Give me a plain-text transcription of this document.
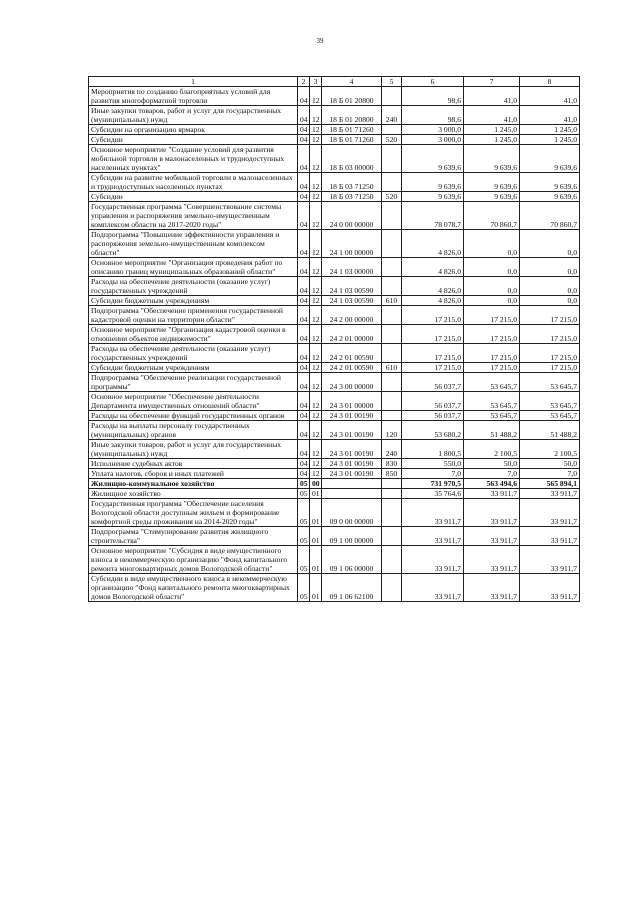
39
1	2	3	4	5	6	7	8
Мероприятия по созданию благоприятных условий для развития многоформатной торговли	04	12	18 Б 01 20800		98,6	41,0	41,0
Иные закупки товаров, работ и услуг для государственных (муниципальных) нужд	04	12	18 Б 01 20800	240	98,6	41,0	41,0
Субсидии на организацию ярмарок	04	12	18 Б 01 71260		3 000,0	1 245,0	1 245,0
Субсидии	04	12	18 Б 01 71260	520	3 000,0	1 245,0	1 245,0
Основное мероприятие "Создание условий для развития мобильной торговли в малонаселенных и труднодоступных населенных пунктах"	04	12	18 Б 03 00000		9 639,6	9 639,6	9 639,6
Субсидии на развитие мобильной торговли в малонаселенных и труднодоступных населенных пунктах	04	12	18 Б 03 71250		9 639,6	9 639,6	9 639,6
Субсидии	04	12	18 Б 03 71250	520	9 639,6	9 639,6	9 639,6
Государственная программа "Совершенствование системы управления и распоряжения земельно-имущественным комплексом области на 2017-2020 годы"	04	12	24 0 00 00000		78 078,7	70 860,7	70 860,7
Подпрограмма "Повышение эффективности управления и распоряжения земельно-имущественным комплексом области"	04	12	24 1 00 00000		4 826,0	0,0	0,0
Основное мероприятие "Организация проведения работ по описанию границ муниципальных образований области"	04	12	24 1 03 00000		4 826,0	0,0	0,0
Расходы на обеспечение деятельности (оказание услуг) государственных учреждений	04	12	24 1 03 00590		4 826,0	0,0	0,0
Субсидии бюджетным учреждениям	04	12	24 1 03 00590	610	4 826,0	0,0	0,0
Подпрограмма "Обеспечение применения государственной кадастровой оценки на территории области"	04	12	24 2 00 00000		17 215,0	17 215,0	17 215,0
Основное мероприятие "Организация кадастровой оценки в отношении объектов недвижимости"	04	12	24 2 01 00000		17 215,0	17 215,0	17 215,0
Расходы на обеспечение деятельности (оказание услуг) государственных учреждений	04	12	24 2 01 00590		17 215,0	17 215,0	17 215,0
Субсидии бюджетным учреждениям	04	12	24 2 01 00590	610	17 215,0	17 215,0	17 215,0
Подпрограмма "Обеспечение реализации государственной программы"	04	12	24 3 00 00000		56 037,7	53 645,7	53 645,7
Основное мероприятие "Обеспечение деятельности Департамента имущественных отношений области"	04	12	24 3 01 00000		56 037,7	53 645,7	53 645,7
Расходы на обеспечение функций государственных органов	04	12	24 3 01 00190		56 037,7	53 645,7	53 645,7
Расходы на выплаты персоналу государственных (муниципальных) органов	04	12	24 3 01 00190	120	53 680,2	51 488,2	51 488,2
Иные закупки товаров, работ и услуг для государственных (муниципальных) нужд	04	12	24 3 01 00190	240	1 800,5	2 100,5	2 100,5
Исполнение судебных актов	04	12	24 3 01 00190	830	550,0	50,0	50,0
Уплата налогов, сборов и иных платежей	04	12	24 3 01 00190	850	7,0	7,0	7,0
Жилищно-коммунальное хозяйство	05	00			731 970,5	563 494,6	565 894,1
Жилищное хозяйство	05	01			35 764,6	33 911,7	33 911,7
Государственная программа "Обеспечение населения Вологодской области доступным жильем и формирование комфортной среды проживания на 2014-2020 годы"	05	01	09 0 00 00000		33 911,7	33 911,7	33 911,7
Подпрограмма "Стимулирование развития жилищного строительства"	05	01	09 1 00 00000		33 911,7	33 911,7	33 911,7
Основное мероприятие "Субсидия в виде имущественного взноса в некоммерческую организацию "Фонд капитального ремонта многоквартирных домов Вологодской области"	05	01	09 1 06 00000		33 911,7	33 911,7	33 911,7
Субсидии в виде имущественного взноса в некоммерческую организацию "Фонд капитального ремонта многоквартирных домов Вологодской области"	05	01	09 1 06 62100		33 911,7	33 911,7	33 911,7
